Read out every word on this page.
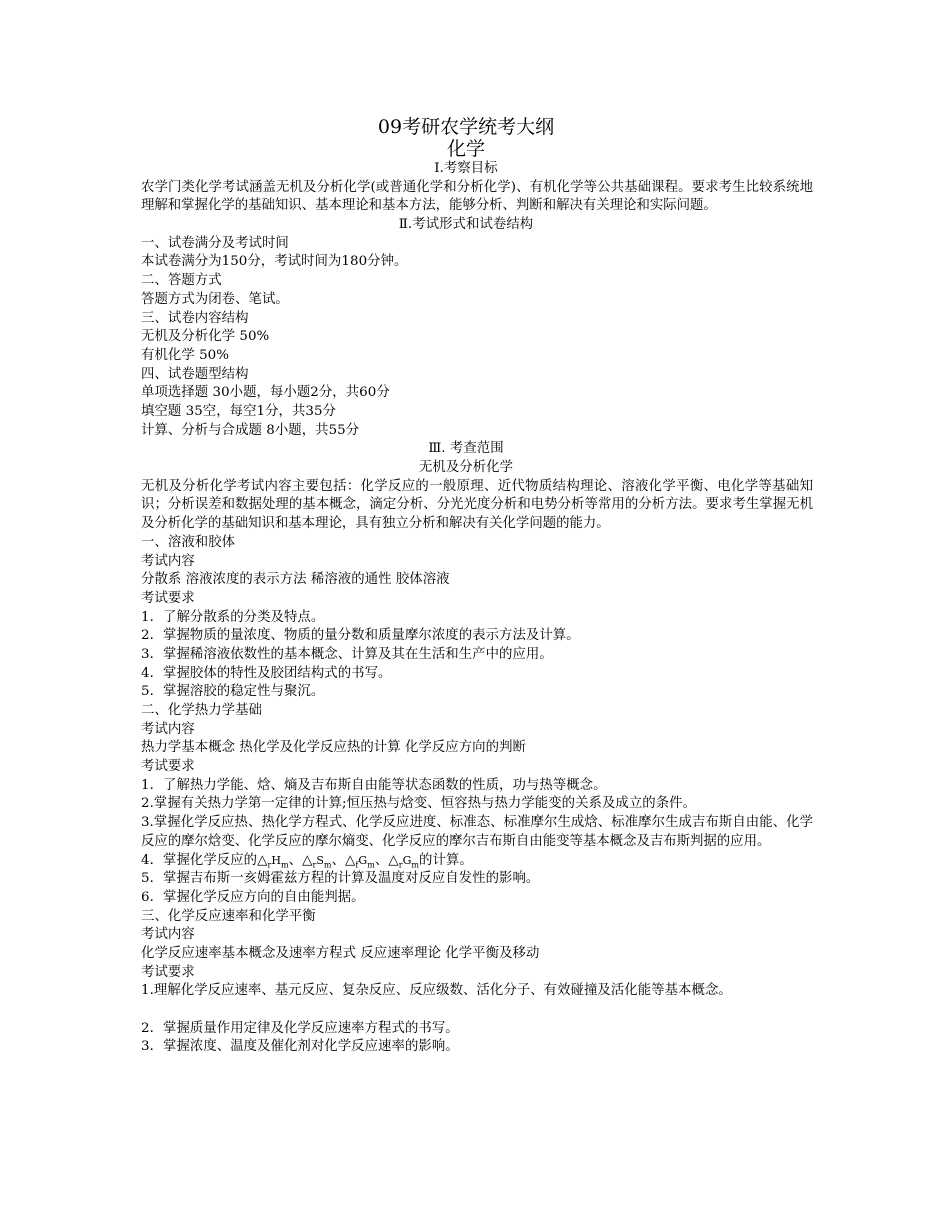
09考研农学统考大纲
化学
Ⅰ.考察目标
农学门类化学考试涵盖无机及分析化学(或普通化学和分析化学)、有机化学等公共基础课程。要求考生比较系统地理解和掌握化学的基础知识、基本理论和基本方法，能够分析、判断和解决有关理论和实际问题。
Ⅱ.考试形式和试卷结构
一、试卷满分及考试时间
本试卷满分为150分，考试时间为180分钟。
二、答题方式
答题方式为闭卷、笔试。
三、试卷内容结构
无机及分析化学 50%
有机化学 50%
四、试卷题型结构
单项选择题 30小题，每小题2分，共60分
填空题 35空，每空1分，共35分
计算、分析与合成题 8小题，共55分
Ⅲ. 考查范围
无机及分析化学
无机及分析化学考试内容主要包括：化学反应的一般原理、近代物质结构理论、溶液化学平衡、电化学等基础知识；分析误差和数据处理的基本概念，滴定分析、分光光度分析和电势分析等常用的分析方法。要求考生掌握无机及分析化学的基础知识和基本理论，具有独立分析和解决有关化学问题的能力。
一、溶液和胶体
考试内容
分散系 溶液浓度的表示方法 稀溶液的通性 胶体溶液
考试要求
1．了解分散系的分类及特点。
2．掌握物质的量浓度、物质的量分数和质量摩尔浓度的表示方法及计算。
3．掌握稀溶液依数性的基本概念、计算及其在生活和生产中的应用。
4．掌握胶体的特性及胶团结构式的书写。
5．掌握溶胶的稳定性与聚沉。
二、化学热力学基础
考试内容
热力学基本概念 热化学及化学反应热的计算 化学反应方向的判断
考试要求
1．了解热力学能、焓、熵及吉布斯自由能等状态函数的性质，功与热等概念。
2.掌握有关热力学第一定律的计算;恒压热与焓变、恒容热与热力学能变的关系及成立的条件。
3.掌握化学反应热、热化学方程式、化学反应进度、标准态、标准摩尔生成焓、标准摩尔生成吉布斯自由能、化学反应的摩尔焓变、化学反应的摩尔熵变、化学反应的摩尔吉布斯自由能变等基本概念及吉布斯判据的应用。
4．掌握化学反应的$\triangle_rH_m$、$\triangle_rS_m$、$\triangle_fG_m$、$\triangle_rG_m$的计算。
5．掌握吉布斯一亥姆霍兹方程的计算及温度对反应自发性的影响。
6．掌握化学反应方向的自由能判据。
三、化学反应速率和化学平衡
考试内容
化学反应速率基本概念及速率方程式 反应速率理论 化学平衡及移动
考试要求
1.理解化学反应速率、基元反应、复杂反应、反应级数、活化分子、有效碰撞及活化能等基本概念。
2．掌握质量作用定律及化学反应速率方程式的书写。
3．掌握浓度、温度及催化剂对化学反应速率的影响。
